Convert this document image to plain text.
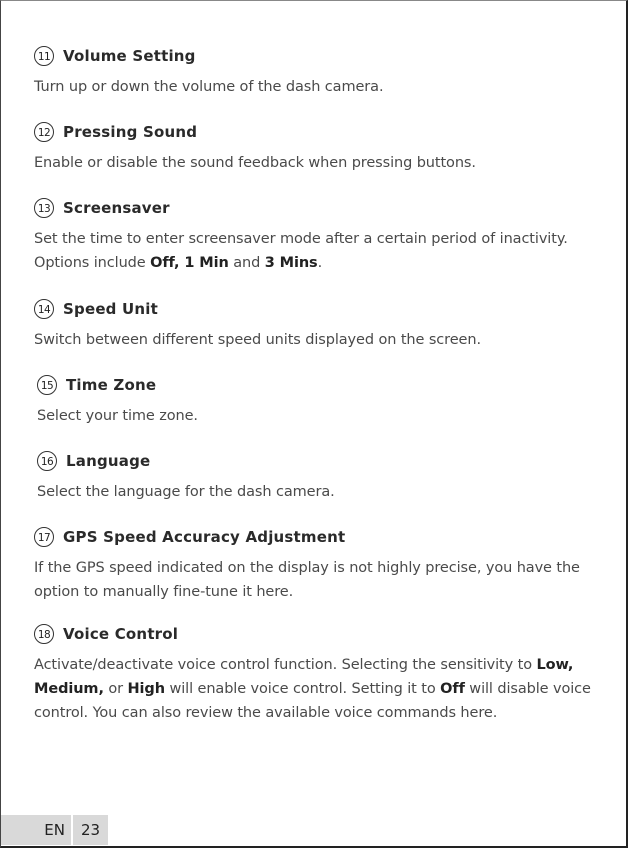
11 Volume Setting
Turn up or down the volume of the dash camera.
12 Pressing Sound
Enable or disable the sound feedback when pressing buttons.
13 Screensaver
Set the time to enter screensaver mode after a certain period of inactivity. Options include Off, 1 Min and 3 Mins.
14 Speed Unit
Switch between different speed units displayed on the screen.
15 Time Zone
Select your time zone.
16 Language
Select the language for the dash camera.
17 GPS Speed Accuracy Adjustment
If the GPS speed indicated on the display is not highly precise, you have the option to manually fine-tune it here.
18 Voice Control
Activate/deactivate voice control function. Selecting the sensitivity to Low, Medium, or High will enable voice control. Setting it to Off will disable voice control. You can also review the available voice commands here.
EN	23
